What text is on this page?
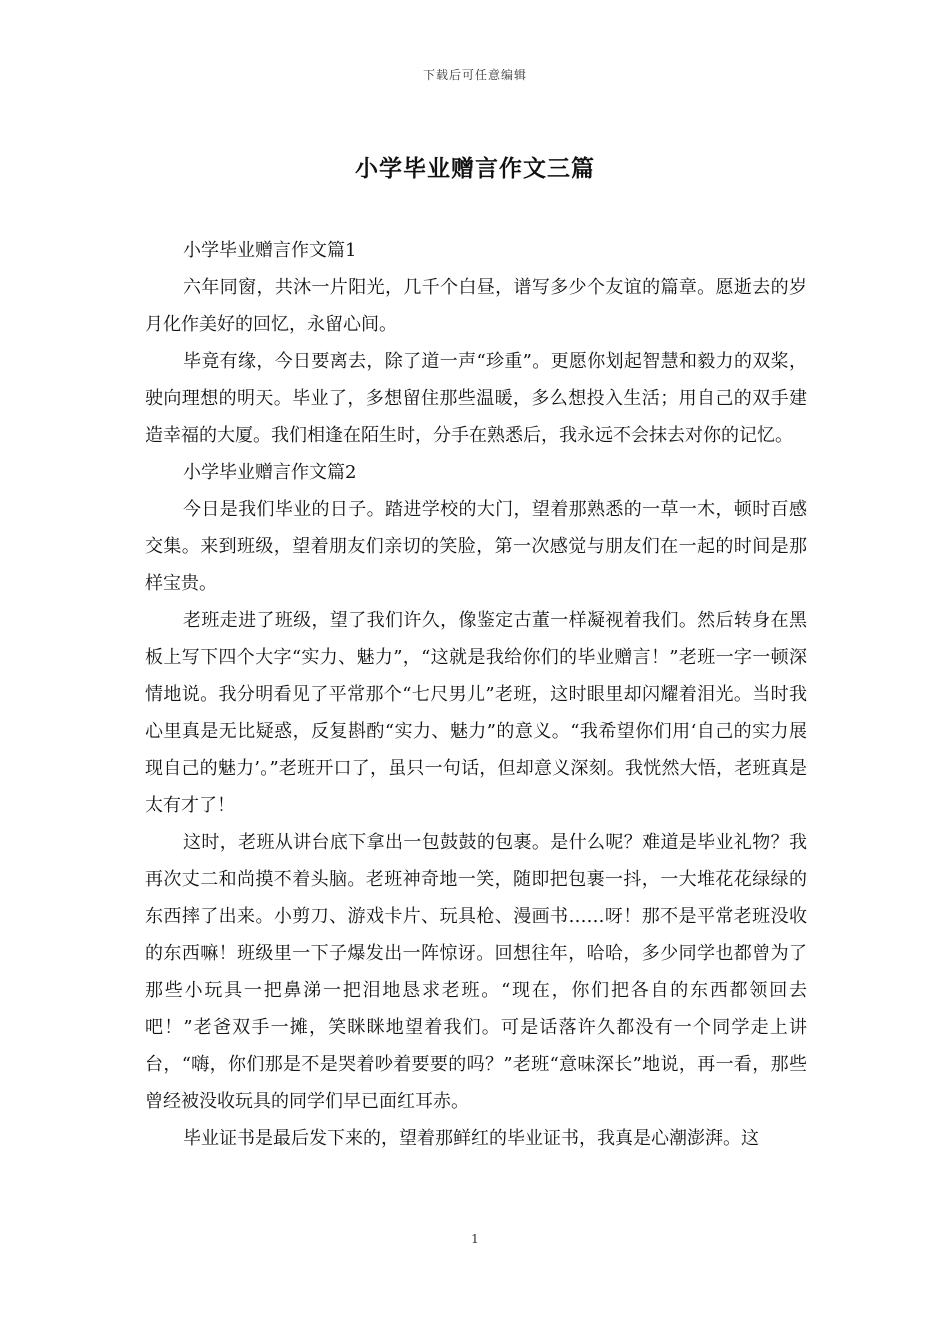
下载后可任意编辑
小学毕业赠言作文三篇

小学毕业赠言作文篇1

六年同窗，共沐一片阳光，几千个白昼，谱写多少个友谊的篇章。愿逝去的岁月化作美好的回忆，永留心间。

毕竟有缘，今日要离去，除了道一声“珍重”。更愿你划起智慧和毅力的双桨，驶向理想的明天。毕业了，多想留住那些温暖，多么想投入生活；用自己的双手建造幸福的大厦。我们相逢在陌生时，分手在熟悉后，我永远不会抹去对你的记忆。

小学毕业赠言作文篇2

今日是我们毕业的日子。踏进学校的大门，望着那熟悉的一草一木，顿时百感交集。来到班级，望着朋友们亲切的笑脸，第一次感觉与朋友们在一起的时间是那样宝贵。

老班走进了班级，望了我们许久，像鉴定古董一样凝视着我们。然后转身在黑板上写下四个大字“实力、魅力”，“这就是我给你们的毕业赠言！”老班一字一顿深情地说。我分明看见了平常那个“七尺男儿”老班，这时眼里却闪耀着泪光。当时我心里真是无比疑惑，反复斟酌“实力、魅力”的意义。“我希望你们用‘自己的实力展现自己的魅力’。”老班开口了，虽只一句话，但却意义深刻。我恍然大悟，老班真是太有才了！

这时，老班从讲台底下拿出一包鼓鼓的包裹。是什么呢？难道是毕业礼物？我再次丈二和尚摸不着头脑。老班神奇地一笑，随即把包裹一抖，一大堆花花绿绿的东西摔了出来。小剪刀、游戏卡片、玩具枪、漫画书……呀！那不是平常老班没收的东西嘛！班级里一下子爆发出一阵惊讶。回想往年，哈哈，多少同学也都曾为了那些小玩具一把鼻涕一把泪地恳求老班。“现在，你们把各自的东西都领回去吧！”老爸双手一摊，笑眯眯地望着我们。可是话落许久都没有一个同学走上讲台，“嗨，你们那是不是哭着吵着要要的吗？”老班“意味深长”地说，再一看，那些曾经被没收玩具的同学们早已面红耳赤。

毕业证书是最后发下来的，望着那鲜红的毕业证书，我真是心潮澎湃。这

1
